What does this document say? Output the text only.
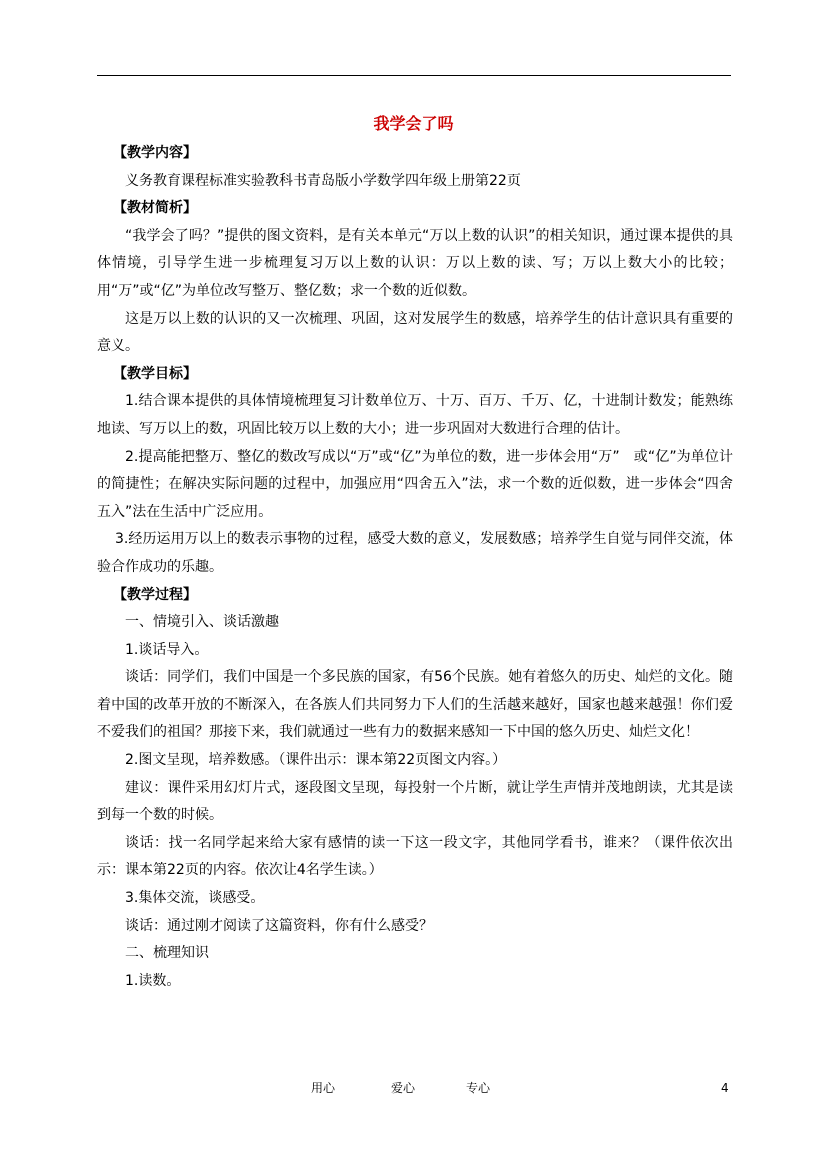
我学会了吗

【教学内容】

义务教育课程标准实验教科书青岛版小学数学四年级上册第22页

【教材简析】

“我学会了吗？”提供的图文资料，是有关本单元“万以上数的认识”的相关知识，通过课本提供的具体情境，引导学生进一步梳理复习万以上数的认识：万以上数的读、写；万以上数大小的比较；用“万”或“亿”为单位改写整万、整亿数；求一个数的近似数。

这是万以上数的认识的又一次梳理、巩固，这对发展学生的数感，培养学生的估计意识具有重要的意义。

【教学目标】

1.结合课本提供的具体情境梳理复习计数单位万、十万、百万、千万、亿，十进制计数发；能熟练地读、写万以上的数，巩固比较万以上数的大小；进一步巩固对大数进行合理的估计。

2.提高能把整万、整亿的数改写成以“万”或“亿”为单位的数，进一步体会用“万”　或“亿”为单位计的简捷性；在解决实际问题的过程中，加强应用“四舍五入”法，求一个数的近似数，进一步体会“四舍五入”法在生活中广泛应用。

3.经历运用万以上的数表示事物的过程，感受大数的意义，发展数感；培养学生自觉与同伴交流，体验合作成功的乐趣。

【教学过程】

一、情境引入、谈话激趣

1.谈话导入。

谈话：同学们，我们中国是一个多民族的国家，有56个民族。她有着悠久的历史、灿烂的文化。随着中国的改革开放的不断深入，在各族人们共同努力下人们的生活越来越好，国家也越来越强！你们爱不爱我们的祖国？那接下来，我们就通过一些有力的数据来感知一下中国的悠久历史、灿烂文化！

2.图文呈现，培养数感。（课件出示：课本第22页图文内容。）

建议：课件采用幻灯片式，逐段图文呈现，每投射一个片断，就让学生声情并茂地朗读，尤其是读到每一个数的时候。

谈话：找一名同学起来给大家有感情的读一下这一段文字，其他同学看书，谁来？（课件依次出示：课本第22页的内容。依次让4名学生读。）

3.集体交流，谈感受。

谈话：通过刚才阅读了这篇资料，你有什么感受？

二、梳理知识

1.读数。

用心	爱心	专心	4
